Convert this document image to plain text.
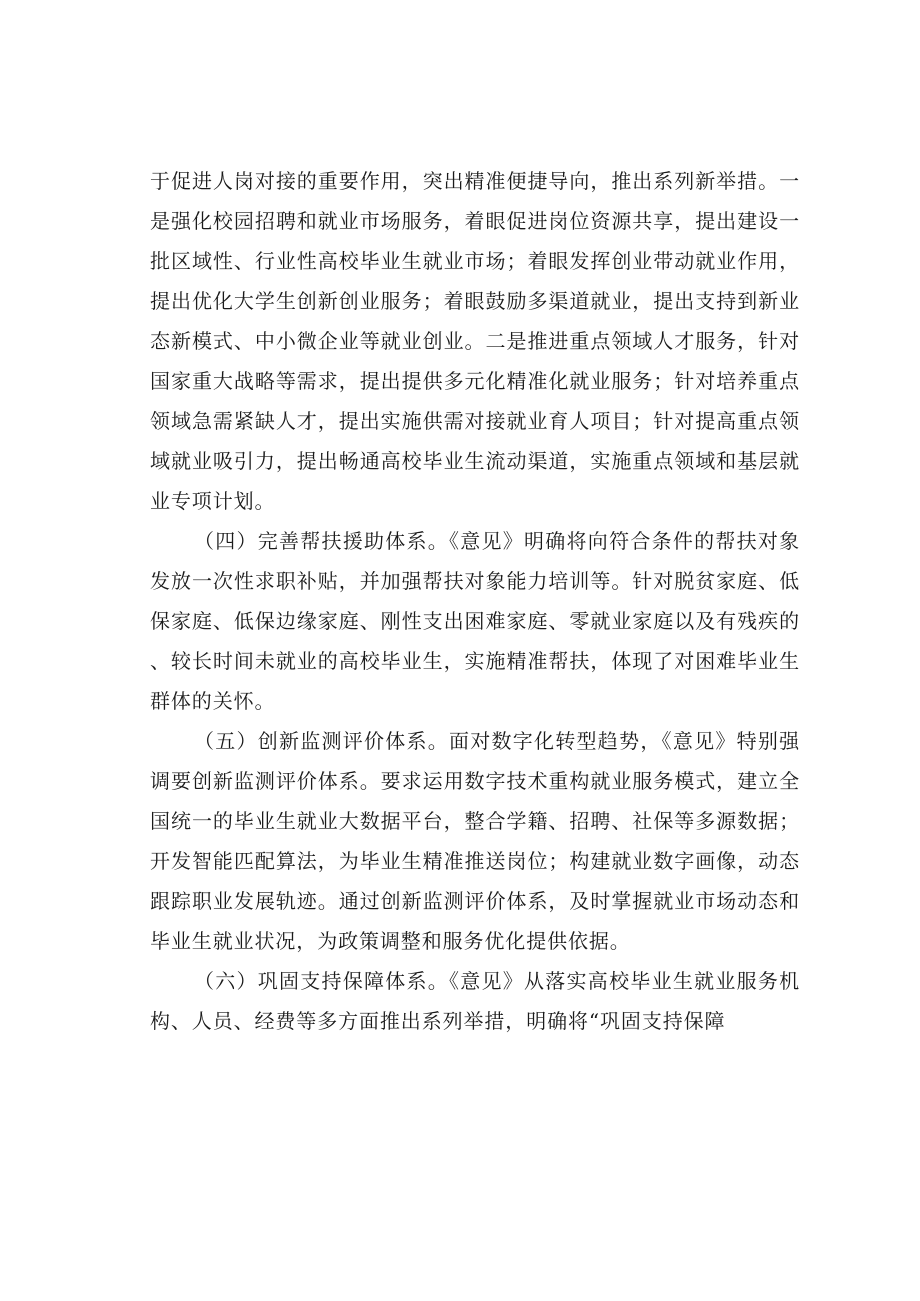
于促进人岗对接的重要作用，突出精准便捷导向，推出系列新举措。一是强化校园招聘和就业市场服务，着眼促进岗位资源共享，提出建设一批区域性、行业性高校毕业生就业市场；着眼发挥创业带动就业作用，提出优化大学生创新创业服务；着眼鼓励多渠道就业，提出支持到新业态新模式、中小微企业等就业创业。二是推进重点领域人才服务，针对国家重大战略等需求，提出提供多元化精准化就业服务；针对培养重点领域急需紧缺人才，提出实施供需对接就业育人项目；针对提高重点领域就业吸引力，提出畅通高校毕业生流动渠道，实施重点领域和基层就业专项计划。

（四）完善帮扶援助体系。《意见》明确将向符合条件的帮扶对象发放一次性求职补贴，并加强帮扶对象能力培训等。针对脱贫家庭、低保家庭、低保边缘家庭、刚性支出困难家庭、零就业家庭以及有残疾的、较长时间未就业的高校毕业生，实施精准帮扶，体现了对困难毕业生群体的关怀。

（五）创新监测评价体系。面对数字化转型趋势，《意见》特别强调要创新监测评价体系。要求运用数字技术重构就业服务模式，建立全国统一的毕业生就业大数据平台，整合学籍、招聘、社保等多源数据；开发智能匹配算法，为毕业生精准推送岗位；构建就业数字画像，动态跟踪职业发展轨迹。通过创新监测评价体系，及时掌握就业市场动态和毕业生就业状况，为政策调整和服务优化提供依据。

（六）巩固支持保障体系。《意见》从落实高校毕业生就业服务机构、人员、经费等多方面推出系列举措，明确将“巩固支持保障
